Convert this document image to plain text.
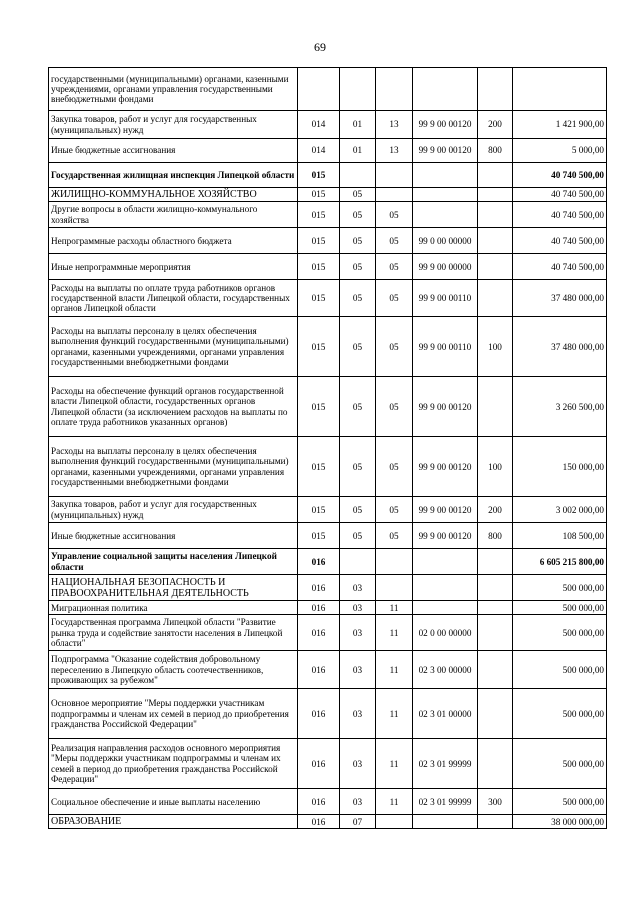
69
государственными (муниципальными) органами, казенными учреждениями, органами управления государственными внебюджетными фондами						
Закупка товаров, работ и услуг для государственных (муниципальных) нужд	014	01	13	99 9 00 00120	200	1 421 900,00
Иные бюджетные ассигнования	014	01	13	99 9 00 00120	800	5 000,00
Государственная жилищная инспекция Липецкой области	015					40 740 500,00
ЖИЛИЩНО-КОММУНАЛЬНОЕ ХОЗЯЙСТВО	015	05				40 740 500,00
Другие вопросы в области жилищно-коммунального хозяйства	015	05	05			40 740 500,00
Непрограммные расходы областного бюджета	015	05	05	99 0 00 00000		40 740 500,00
Иные непрограммные мероприятия	015	05	05	99 9 00 00000		40 740 500,00
Расходы на выплаты по оплате труда работников органов государственной власти Липецкой области, государственных органов Липецкой области	015	05	05	99 9 00 00110		37 480 000,00
Расходы на выплаты персоналу в целях обеспечения выполнения функций государственными (муниципальными) органами, казенными учреждениями, органами управления государственными внебюджетными фондами	015	05	05	99 9 00 00110	100	37 480 000,00
Расходы на обеспечение функций органов государственной власти Липецкой области, государственных органов Липецкой области (за исключением расходов на выплаты по оплате труда работников указанных органов)	015	05	05	99 9 00 00120		3 260 500,00
Расходы на выплаты персоналу в целях обеспечения выполнения функций государственными (муниципальными) органами, казенными учреждениями, органами управления государственными внебюджетными фондами	015	05	05	99 9 00 00120	100	150 000,00
Закупка товаров, работ и услуг для государственных (муниципальных) нужд	015	05	05	99 9 00 00120	200	3 002 000,00
Иные бюджетные ассигнования	015	05	05	99 9 00 00120	800	108 500,00
Управление социальной защиты населения Липецкой области	016					6 605 215 800,00
НАЦИОНАЛЬНАЯ БЕЗОПАСНОСТЬ И ПРАВООХРАНИТЕЛЬНАЯ ДЕЯТЕЛЬНОСТЬ	016	03				500 000,00
Миграционная политика	016	03	11			500 000,00
Государственная программа Липецкой области "Развитие рынка труда и содействие занятости населения в Липецкой области"	016	03	11	02 0 00 00000		500 000,00
Подпрограмма "Оказание содействия добровольному переселению в Липецкую область соотечественников, проживающих за рубежом"	016	03	11	02 3 00 00000		500 000,00
Основное мероприятие "Меры поддержки участникам подпрограммы и членам их семей в период до приобретения гражданства Российской Федерации"	016	03	11	02 3 01 00000		500 000,00
Реализация направления расходов основного мероприятия "Меры поддержки участникам подпрограммы и членам их семей в период до приобретения гражданства Российской Федерации"	016	03	11	02 3 01 99999		500 000,00
Социальное обеспечение и иные выплаты населению	016	03	11	02 3 01 99999	300	500 000,00
ОБРАЗОВАНИЕ	016	07				38 000 000,00
